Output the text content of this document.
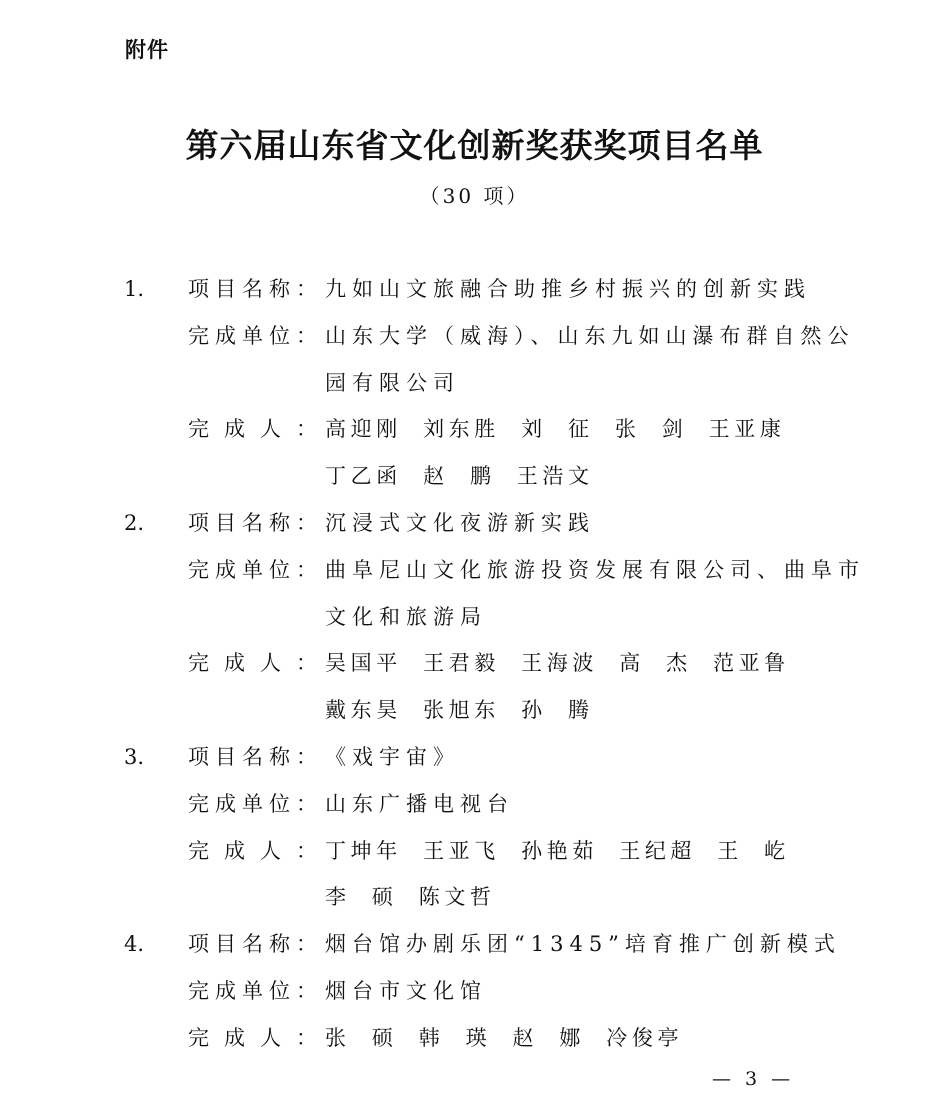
附件
第六届山东省文化创新奖获奖项目名单
（30 项）
1. 项目名称： 九如山文旅融合助推乡村振兴的创新实践
完成单位： 山东大学（威海）、山东九如山瀑布群自然公
园有限公司
完成人：
高迎刚 刘东胜 刘 征 张 剑 王亚康
丁乙函 赵 鹏 王浩文
2. 项目名称： 沉浸式文化夜游新实践
完成单位： 曲阜尼山文化旅游投资发展有限公司、曲阜市
文化和旅游局
完成人：
吴国平 王君毅 王海波 高 杰 范亚鲁
戴东昊 张旭东 孙 腾
3. 项目名称： 《戏宇宙》
完成单位： 山东广播电视台
完成人：
丁坤年 王亚飞 孙艳茹 王纪超 王 屹
李 硕 陈文哲
4. 项目名称： 烟台馆办剧乐团“1345”培育推广创新模式
完成单位： 烟台市文化馆
完成人：
张 硕 韩 瑛 赵 娜 冷俊亭
— 3 —
